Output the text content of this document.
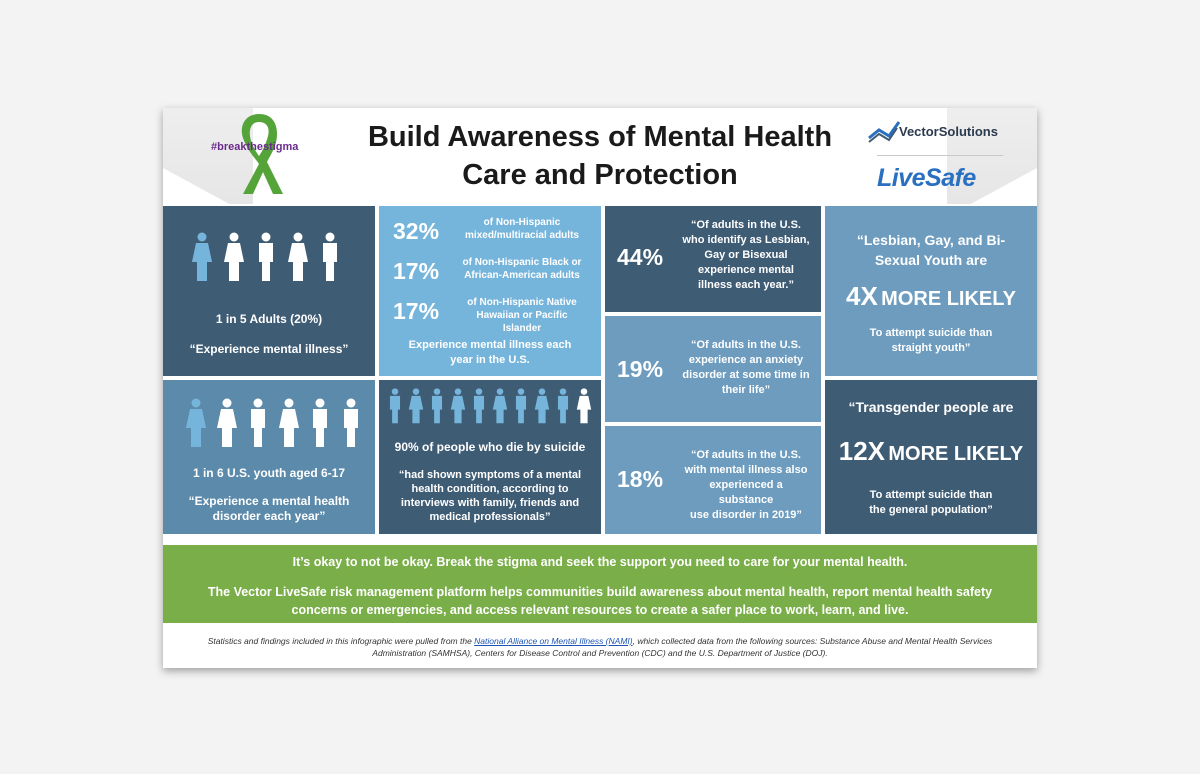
#breakthestigma	Build Awareness of Mental Health
Care and Protection
VectorSolutions
LiveSafe
1 in 5 Adults (20%)
“Experience mental illness”
1 in 6 U.S. youth aged 6-17
“Experience a mental health
disorder each year”
32%	of Non-Hispanic
mixed/multiracial adults
17% of Non-Hispanic Black or
African-American adults
17%	of Non-Hispanic Native
Hawaiian or Pacific Islander
Experience mental illness each
year in the U.S.
90% of people who die by suicide
“had shown symptoms of a mental
health condition, according to
interviews with family, friends and
medical professionals”
44%
“Of adults in the U.S.
who identify as Lesbian,
Gay or Bisexual
experience mental
illness each year.”
19%
“Of adults in the U.S.
experience an anxiety
disorder at some time in
their life”
18%
“Of adults in the U.S.
with mental illness also
experienced a substance
use disorder in 2019”
“Lesbian, Gay, and Bi-
Sexual Youth are
4X MORE LIKELY
To attempt suicide than
straight youth”
“Transgender people are
12X MORE LIKELY
To attempt suicide than
the general population”
It’s okay to not be okay. Break the stigma and seek the support you need to care for your mental health.
The Vector LiveSafe risk management platform helps communities build awareness about mental health, report mental health safety concerns or emergencies, and access relevant resources to create a safer place to work, learn, and live.
Statistics and findings included in this infographic were pulled from the National Alliance on Mental Illness (NAMI), which collected data from the following sources: Substance Abuse and Mental Health Services Administration (SAMHSA), Centers for Disease Control and Prevention (CDC) and the U.S. Department of Justice (DOJ).
